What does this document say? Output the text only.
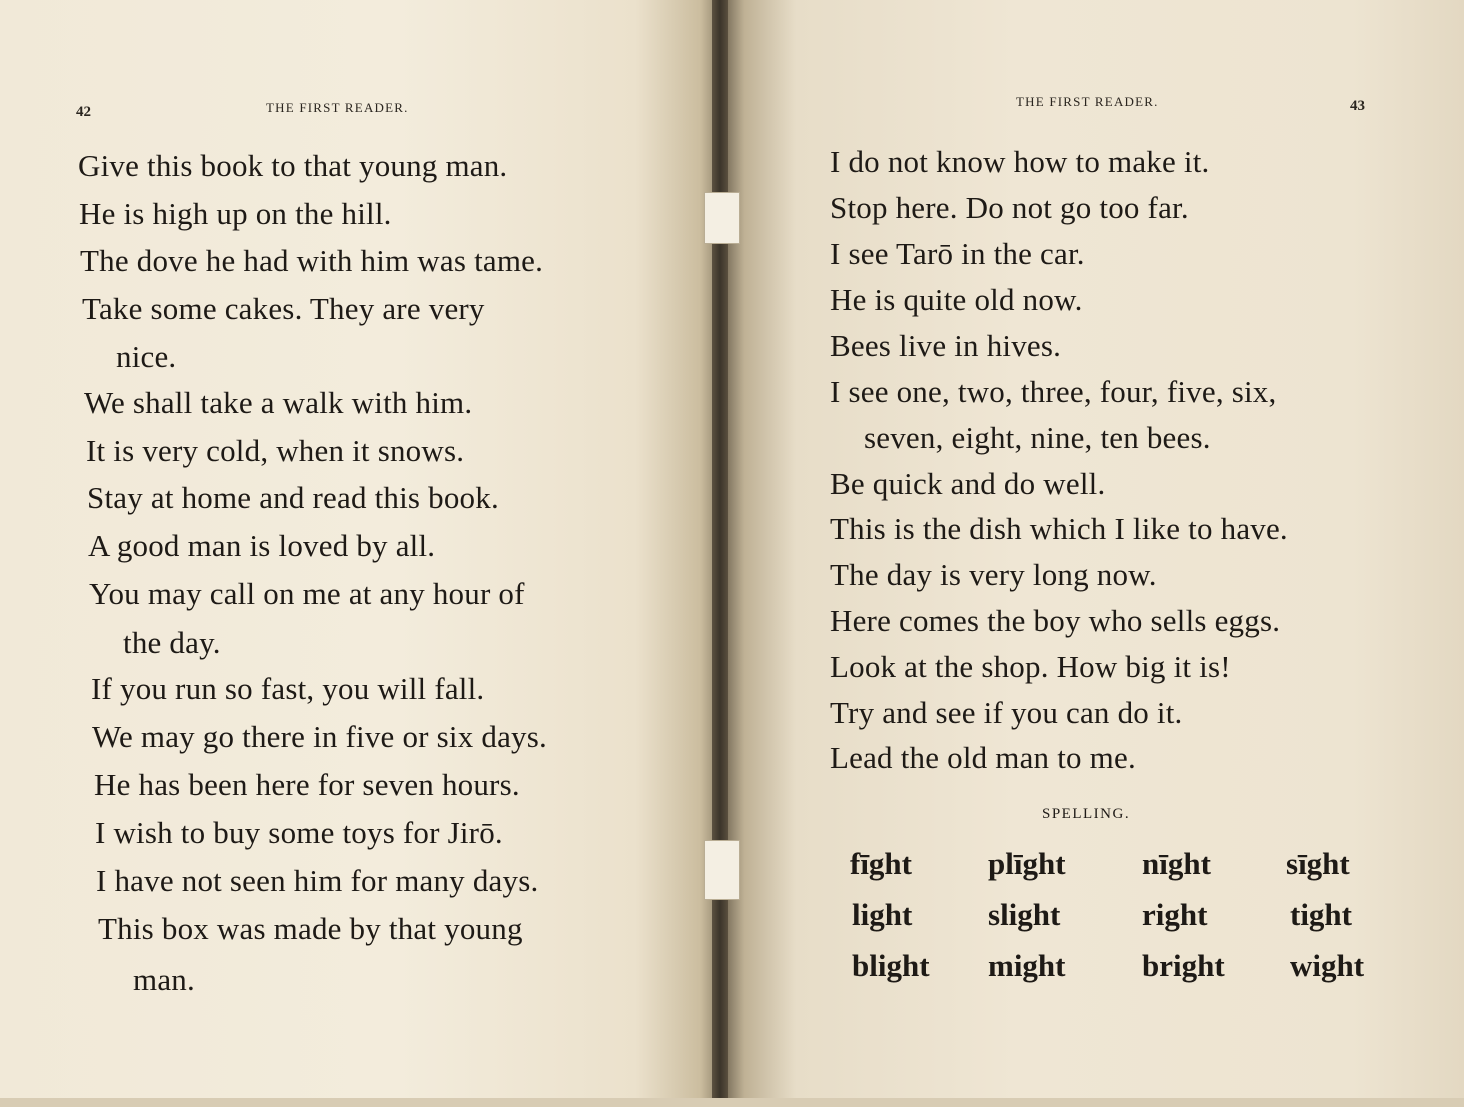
42	THE FIRST READER.
Give this book to that young man.
He is high up on the hill.
The dove he had with him was tame.
Take some cakes. They are very
nice.
We shall take a walk with him.
It is very cold, when it snows.
Stay at home and read this book.
A good man is loved by all.
You may call on me at any hour of
the day.
If you run so fast, you will fall.
We may go there in five or six days.
He has been here for seven hours.
I wish to buy some toys for Jirō.
I have not seen him for many days.
This box was made by that young
man.
THE FIRST READER.	43
I do not know how to make it.
Stop here. Do not go too far.
I see Tarō in the car.
He is quite old now.
Bees live in hives.
I see one, two, three, four, five, six,
seven, eight, nine, ten bees.
Be quick and do well.
This is the dish which I like to have.
The day is very long now.
Here comes the boy who sells eggs.
Look at the shop. How big it is!
Try and see if you can do it.
Lead the old man to me.
SPELLING.
fīght plīght nīght sīght
light slight	right	tight
blight might bright wight
